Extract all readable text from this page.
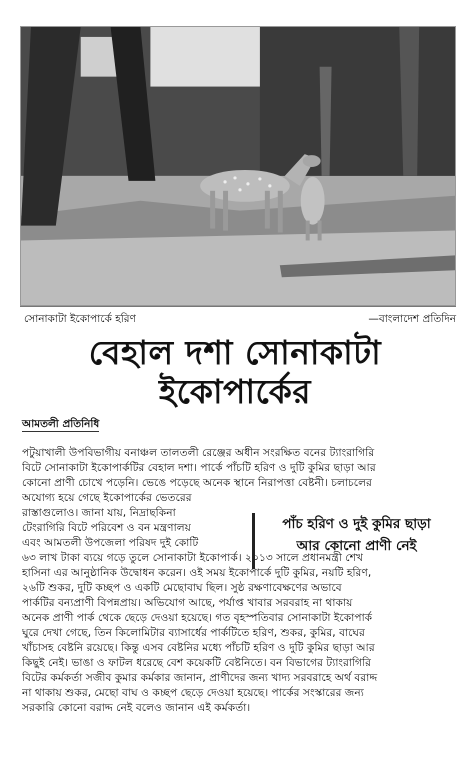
সোনাকাটা ইকোপার্কে হরিণ	—বাংলাদেশ প্রতিদিন
বেহাল দশা সোনাকাটা
ইকোপার্কের
আমতলী প্রতিনিধি
পটুয়াখালী উপবিভাগীয় বনাঞ্চল তালতলী রেঞ্জের অধীন সংরক্ষিত বনের ট্যাংরাগিরি
বিটে সোনাকাটা ইকোপার্কটির বেহাল দশা। পার্কে পাঁচটি হরিণ ও দুটি কুমির ছাড়া আর
কোনো প্রাণী চোখে পড়েনি। ভেঙে পড়েছে অনেক স্থানে নিরাপত্তা বেষ্টনী। চলাচলের
অযোগ্য হয়ে গেছে ইকোপার্কের ভেতরের
রাস্তাগুলোও। জানা যায়, নিদ্রাছকিনা
টেংরাগিরি বিটে পরিবেশ ও বন মন্ত্রণালয়
এবং আমতলী উপজেলা পরিষদ দুই কোটি
৬৩ লাখ টাকা ব্যয়ে গড়ে তুলে সোনাকাটা ইকোপার্ক। ২০১৩ সালে প্রধানমন্ত্রী শেখ
হাসিনা এর আনুষ্ঠানিক উদ্বোধন করেন। ওই সময় ইকোপার্কে দুটি কুমির, নয়টি হরিণ,
২৬টি শুকর, দুটি কচ্ছপ ও একটি মেছোবাঘ ছিল। সুষ্ঠ রক্ষণাবেক্ষণের অভাবে
পার্কটির বন্যপ্রাণী বিপন্নপ্রায়। অভিযোগ আছে, পর্যাপ্ত খাবার সরবরাহ না থাকায়
অনেক প্রাণী পার্ক থেকে ছেড়ে দেওয়া হয়েছে। গত বৃহস্পতিবার সোনাকাটা ইকোপার্ক
ঘুরে দেখা গেছে, তিন কিলোমিটার ব্যাসার্ধের পার্কটিতে হরিণ, শুকর, কুমির, বাঘের
খাঁচাসহ বেষ্টনি রয়েছে। কিন্তু এসব বেষ্টনির মধ্যে পাঁচটি হরিণ ও দুটি কুমির ছাড়া আর
কিছুই নেই। ভাঙা ও ফাটল ধরেছে বেশ কয়েকটি বেষ্টনিতে। বন বিভাগের ট্যাংরাগিরি
বিটের কর্মকর্তা সজীব কুমার কর্মকার জানান, প্রাণীদের জন্য খাদ্য সরবরাহে অর্থ বরাদ্দ
না থাকায় শুকর, মেছো বাঘ ও কচ্ছপ ছেড়ে দেওয়া হয়েছে। পার্কের সংস্কারের জন্য
সরকারি কোনো বরাদ্দ নেই বলেও জানান এই কর্মকর্তা।
পাঁচ হরিণ ও দুই কুমির ছাড়া
আর কোনো প্রাণী নেই
